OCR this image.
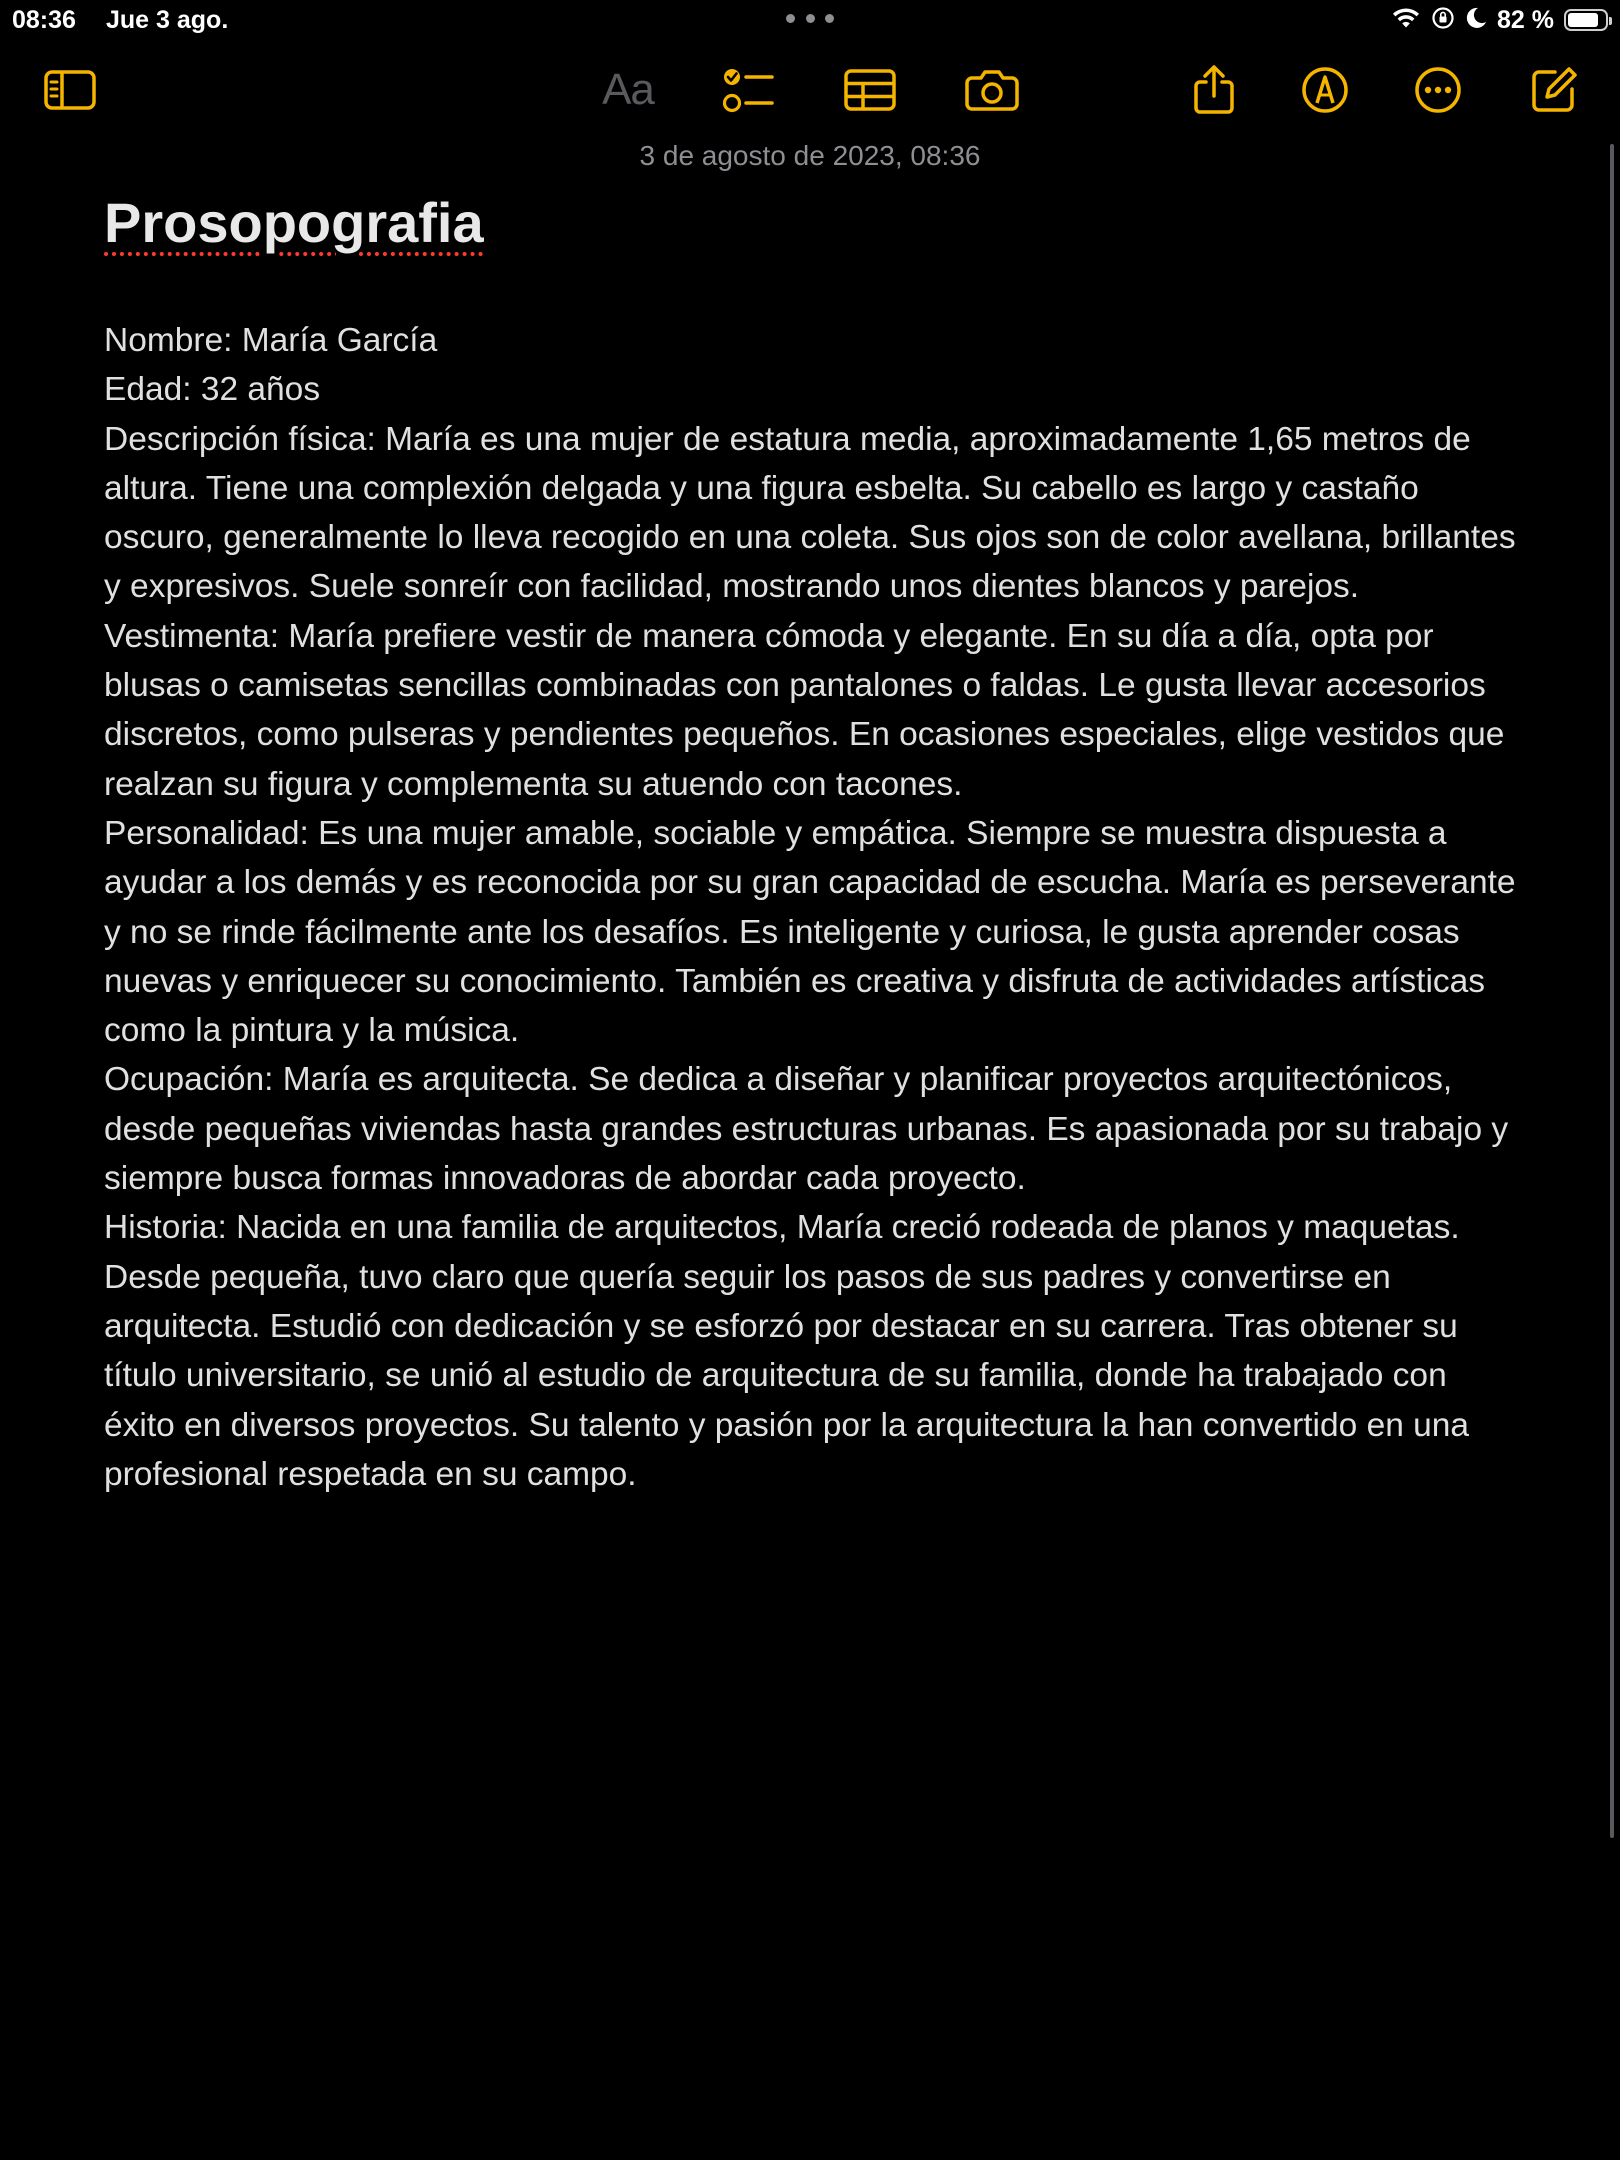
08:36 Jue 3 ago.	82 %
Aa
3 de agosto de 2023, 08:36
Prosopografia

Nombre: María García

Edad: 32 años

Descripción física: María es una mujer de estatura media, aproximadamente 1,65 metros de altura. Tiene una complexión delgada y una figura esbelta. Su cabello es largo y castaño oscuro, generalmente lo lleva recogido en una coleta. Sus ojos son de color avellana, brillantes y expresivos. Suele sonreír con facilidad, mostrando unos dientes blancos y parejos.

Vestimenta: María prefiere vestir de manera cómoda y elegante. En su día a día, opta por blusas o camisetas sencillas combinadas con pantalones o faldas. Le gusta llevar accesorios discretos, como pulseras y pendientes pequeños. En ocasiones especiales, elige vestidos que realzan su figura y complementa su atuendo con tacones.

Personalidad: Es una mujer amable, sociable y empática. Siempre se muestra dispuesta a ayudar a los demás y es reconocida por su gran capacidad de escucha. María es perseverante y no se rinde fácilmente ante los desafíos. Es inteligente y curiosa, le gusta aprender cosas nuevas y enriquecer su conocimiento. También es creativa y disfruta de actividades artísticas como la pintura y la música.

Ocupación: María es arquitecta. Se dedica a diseñar y planificar proyectos arquitectónicos, desde pequeñas viviendas hasta grandes estructuras urbanas. Es apasionada por su trabajo y siempre busca formas innovadoras de abordar cada proyecto.

Historia: Nacida en una familia de arquitectos, María creció rodeada de planos y maquetas. Desde pequeña, tuvo claro que quería seguir los pasos de sus padres y convertirse en arquitecta. Estudió con dedicación y se esforzó por destacar en su carrera. Tras obtener su título universitario, se unió al estudio de arquitectura de su familia, donde ha trabajado con éxito en diversos proyectos. Su talento y pasión por la arquitectura la han convertido en una profesional respetada en su campo.
